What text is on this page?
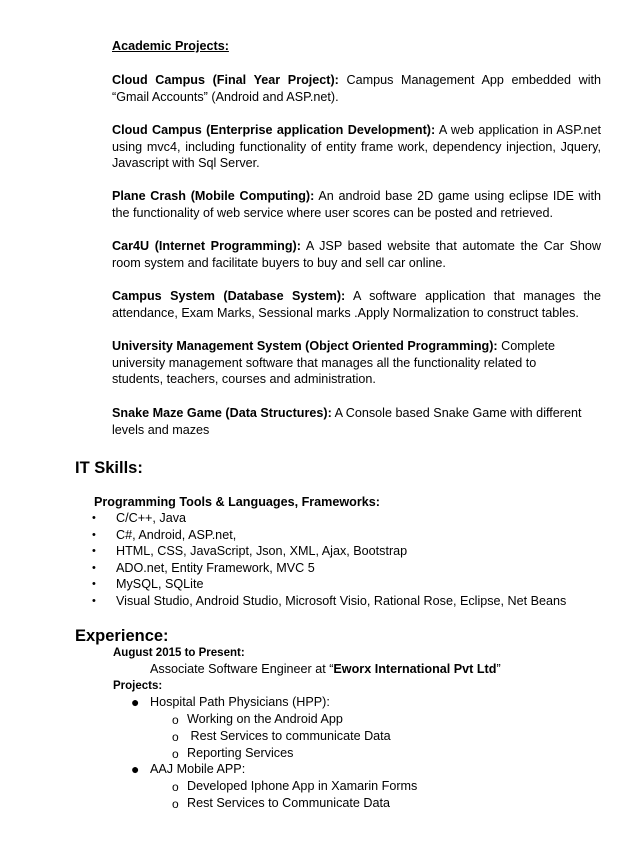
Academic Projects:
Cloud Campus (Final Year Project): Campus Management App embedded with “Gmail Accounts” (Android and ASP.net).
Cloud Campus (Enterprise application Development): A web application in ASP.net using mvc4, including functionality of entity frame work, dependency injection, Jquery, Javascript with Sql Server.
Plane Crash (Mobile Computing): An android base 2D game using eclipse IDE with the functionality of web service where user scores can be posted and retrieved.
Car4U (Internet Programming): A JSP based website that automate the Car Show room system and facilitate buyers to buy and sell car online.
Campus System (Database System): A software application that manages the attendance, Exam Marks, Sessional marks .Apply Normalization to construct tables.
University Management System (Object Oriented Programming): Complete university management software that manages all the functionality related to students, teachers, courses and administration.
Snake Maze Game (Data Structures): A Console based Snake Game with different levels and mazes
IT Skills:
Programming Tools & Languages, Frameworks:
• C/C++, Java
• C#, Android, ASP.net,
• HTML, CSS, JavaScript, Json, XML, Ajax, Bootstrap
• ADO.net, Entity Framework, MVC 5
• MySQL, SQLite
• Visual Studio, Android Studio, Microsoft Visio, Rational Rose, Eclipse, Net Beans
Experience:
August 2015 to Present:
Associate Software Engineer at “Eworx International Pvt Ltd”
Projects:
● Hospital Path Physicians (HPP):
o Working on the Android App
o Rest Services to communicate Data
o Reporting Services
● AAJ Mobile APP:
o Developed Iphone App in Xamarin Forms
o Rest Services to Communicate Data
